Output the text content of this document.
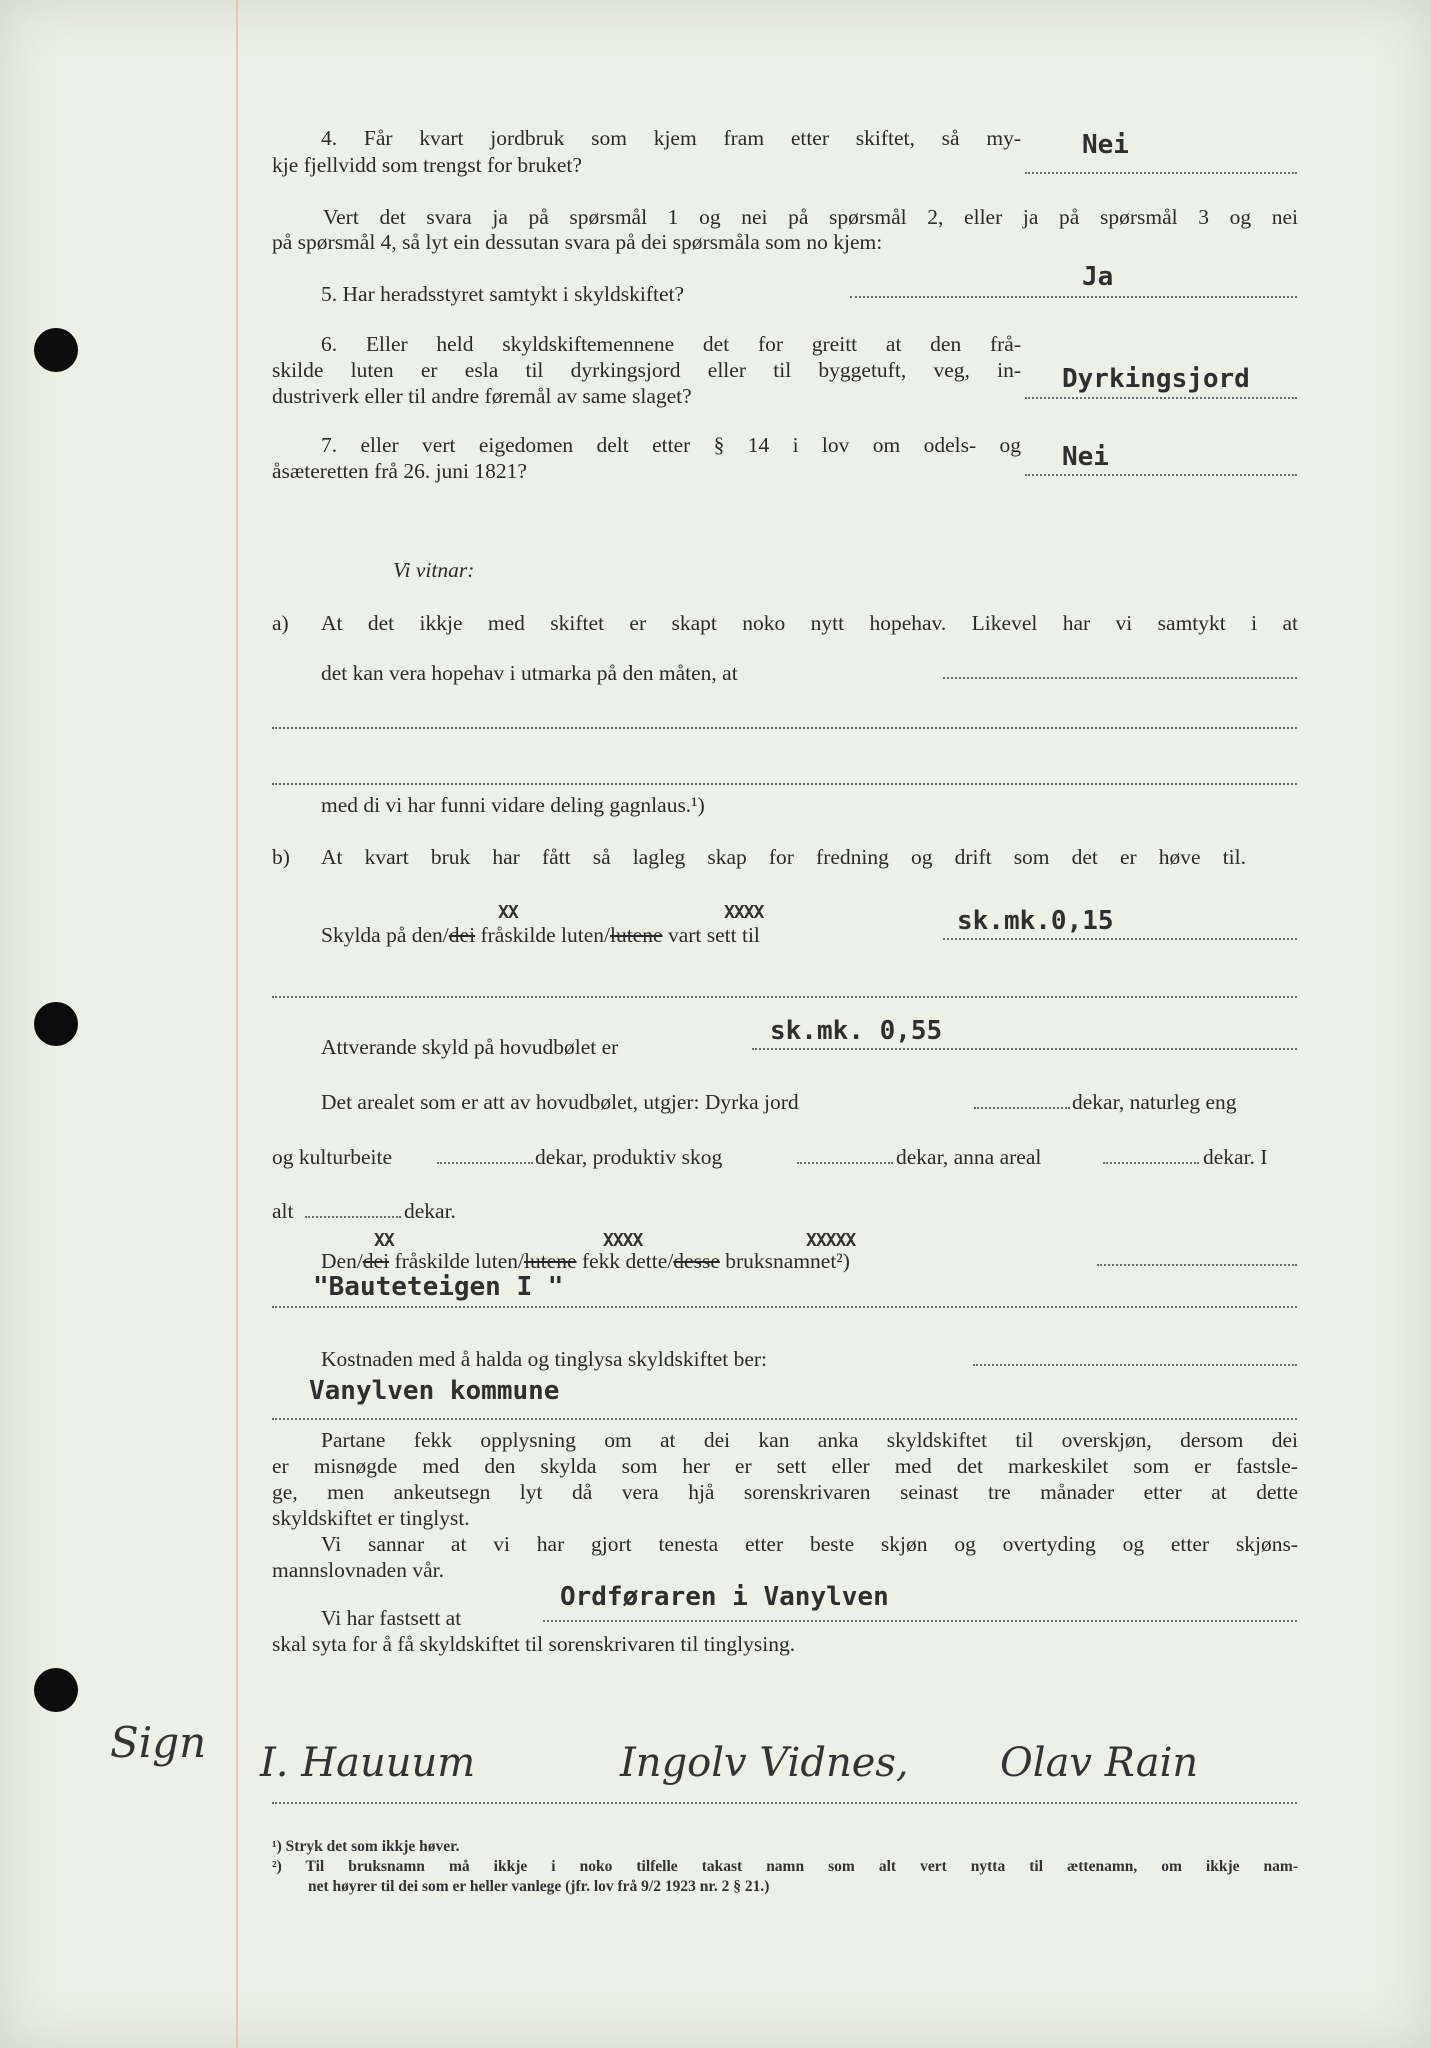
4. Får kvart jordbruk som kjem fram etter skiftet, så my-
kje fjellvidd som trengst for bruket?
Nei
Vert det svara ja på spørsmål 1 og nei på spørsmål 2, eller ja på spørsmål 3 og nei
på spørsmål 4, så lyt ein dessutan svara på dei spørsmåla som no kjem:
5. Har heradsstyret samtykt i skyldskiftet?
Ja
6. Eller held skyldskiftemennene det for greitt at den frå-
skilde luten er esla til dyrkingsjord eller til byggetuft, veg, in-
dustriverk eller til andre føremål av same slaget?
Dyrkingsjord
7. eller vert eigedomen delt etter § 14 i lov om odels- og
åsæteretten frå 26. juni 1821?	Nei
Vi vitnar:
a) At det ikkje med skiftet er skapt noko nytt hopehav. Likevel har vi samtykt i at
det kan vera hopehav i utmarka på den måten, at
med di vi har funni vidare deling gagnlaus.¹)
b) At kvart bruk har fått så lagleg skap for fredning og drift som det er høve til.
Skylda på den/dei fråskilde luten/lutene vart sett til
XX	XXXX	sk.mk.0,15
Attverande skyld på hovudbølet er
sk.mk. 0,55
Det arealet som er att av hovudbølet, utgjer: Dyrka jord	dekar, naturleg eng
og kulturbeite	dekar, produktiv skog	dekar, anna areal	dekar. I
alt	dekar.
Den/dei fråskilde luten/lutene fekk dette/desse bruksnamnet²)
XX	XXXX	XXXXX
"Bauteteigen I "
Kostnaden med å halda og tinglysa skyldskiftet ber:
Vanylven kommune
Partane fekk opplysning om at dei kan anka skyldskiftet til overskjøn, dersom dei
er misnøgde med den skylda som her er sett eller med det markeskilet som er fastsle-
ge, men ankeutsegn lyt då vera hjå sorenskrivaren seinast tre månader etter at dette
skyldskiftet er tinglyst.
Vi sannar at vi har gjort tenesta etter beste skjøn og overtyding og etter skjøns-
mannslovnaden vår.
Vi har fastsett at
Ordføraren i Vanylven
skal syta for å få skyldskiftet til sorenskrivaren til tinglysing.
Sign I. Hauuum	Ingolv Vidnes, Olav Rain
¹) Stryk det som ikkje høver.
²) Til bruksnamn må ikkje i noko tilfelle takast namn som alt vert nytta til ættenamn, om ikkje nam-
net høyrer til dei som er heller vanlege (jfr. lov frå 9/2 1923 nr. 2 § 21.)
